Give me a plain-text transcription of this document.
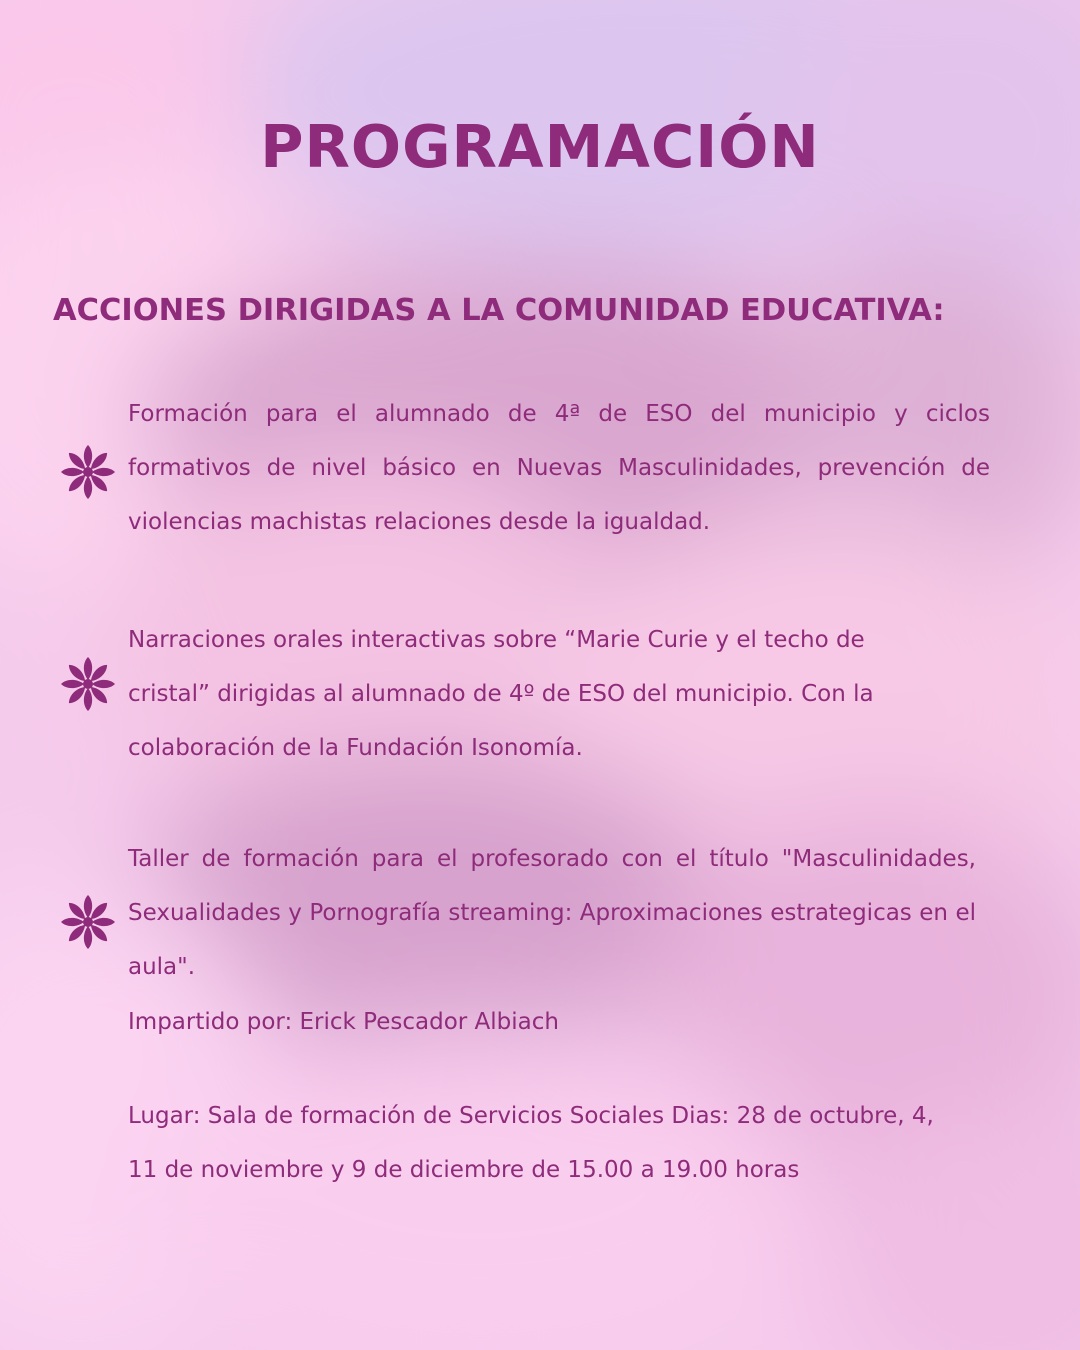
PROGRAMACIÓN
ACCIONES DIRIGIDAS A LA COMUNIDAD EDUCATIVA:

Formación para el alumnado de 4ª de ESO del municipio y ciclos formativos de nivel básico en Nuevas Masculinidades, prevención de violencias machistas relaciones desde la igualdad.

Narraciones orales interactivas sobre “Marie Curie y el techo de
cristal” dirigidas al alumnado de 4º de ESO del municipio. Con la
colaboración de la Fundación Isonomía.

Taller de formación para el profesorado con el título "Masculinidades, Sexualidades y Pornografía streaming: Aproximaciones estrategicas en el aula".

Impartido por: Erick Pescador Albiach

Lugar: Sala de formación de Servicios Sociales Dias: 28 de octubre, 4,
11 de noviembre y 9 de diciembre de 15.00 a 19.00 horas
